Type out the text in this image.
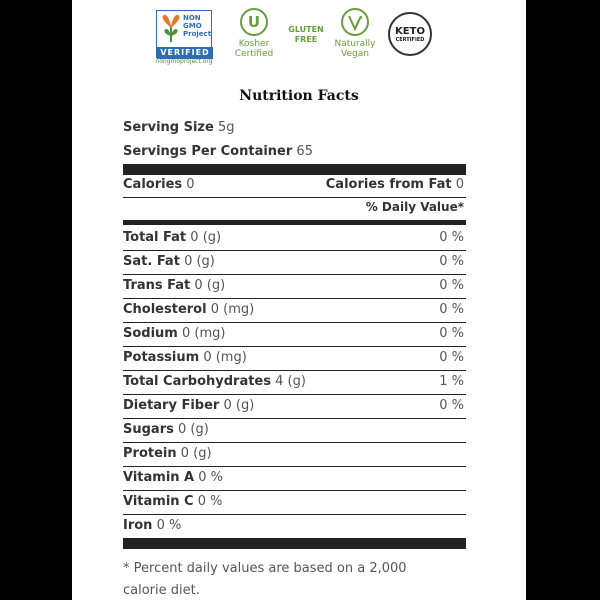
NON GMO Project
VERIFIED
nongmoproject.org
U
Kosher
Certified
GLUTEN
FREE	Naturally
Vegan
KETO
CERTIFIED
Nutrition Facts
Serving Size 5g
Servings Per Container 65
Calories 0	Calories from Fat 0
% Daily Value*
Total Fat 0 (g)	0 %
Sat. Fat 0 (g)	0 %
Trans Fat 0 (g)	0 %
Cholesterol 0 (mg)	0 %
Sodium 0 (mg)	0 %
Potassium 0 (mg)	0 %
Total Carbohydrates 4 (g)	1 %
Dietary Fiber 0 (g)	0 %
Sugars 0 (g)
Protein 0 (g)
Vitamin A 0 %
Vitamin C 0 %
Iron 0 %
* Percent daily values are based on a 2,000 calorie diet.
